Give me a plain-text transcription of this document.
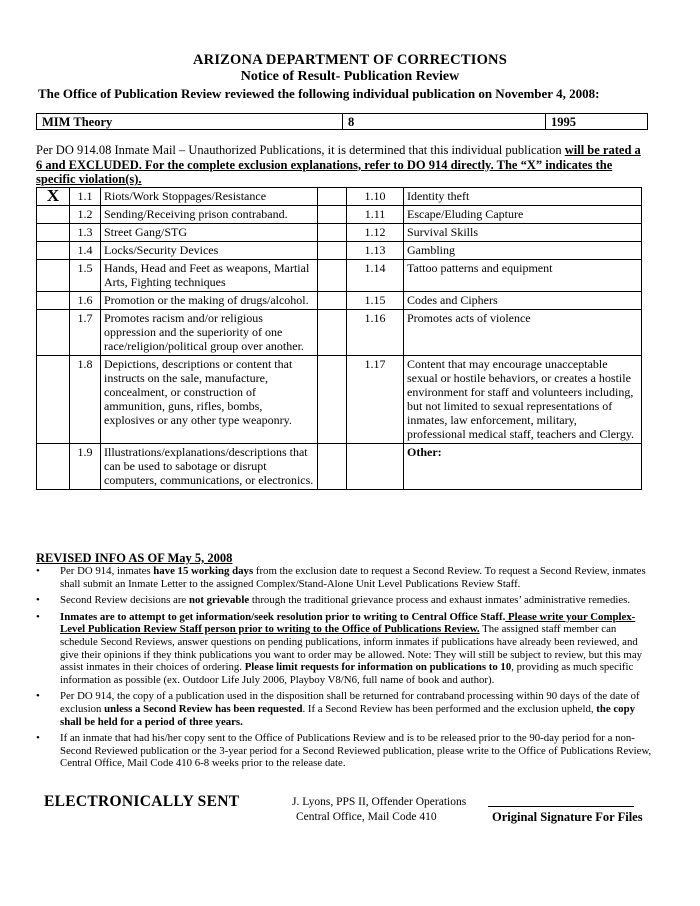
ARIZONA DEPARTMENT OF CORRECTIONS
Notice of Result- Publication Review
The Office of Publication Review reviewed the following individual publication on November 4, 2008:
MIM Theory	8	1995
Per DO 914.08 Inmate Mail – Unauthorized Publications, it is determined that this individual publication will be rated a 6 and EXCLUDED. For the complete exclusion explanations, refer to DO 914 directly. The “X” indicates the specific violation(s).
X	1.1	Riots/Work Stoppages/Resistance		1.10	Identity theft
	1.2	Sending/Receiving prison contraband.		1.11	Escape/Eluding Capture
	1.3	Street Gang/STG		1.12	Survival Skills
	1.4	Locks/Security Devices		1.13	Gambling
	1.5	Hands, Head and Feet as weapons, Martial Arts, Fighting techniques		1.14	Tattoo patterns and equipment
	1.6	Promotion or the making of drugs/alcohol.		1.15	Codes and Ciphers
	1.7	Promotes racism and/or religious oppression and the superiority of one race/religion/political group over another.		1.16	Promotes acts of violence
	1.8	Depictions, descriptions or content that instructs on the sale, manufacture, concealment, or construction of ammunition, guns, rifles, bombs, explosives or any other type weaponry.		1.17	Content that may encourage unacceptable sexual or hostile behaviors, or creates a hostile environment for staff and volunteers including, but not limited to sexual representations of inmates, law enforcement, military, professional medical staff, teachers and Clergy.
	1.9	Illustrations/explanations/descriptions that can be used to sabotage or disrupt computers, communications, or electronics.			Other:
REVISED INFO AS OF May 5, 2008
• Per DO 914, inmates have 15 working days from the exclusion date to request a Second Review. To request a Second Review, inmates shall submit an Inmate Letter to the assigned Complex/Stand-Alone Unit Level Publications Review Staff.
• Second Review decisions are not grievable through the traditional grievance process and exhaust inmates’ administrative remedies.
• Inmates are to attempt to get information/seek resolution prior to writing to Central Office Staff. Please write your Complex-Level Publication Review Staff person prior to writing to the Office of Publications Review. The assigned staff member can schedule Second Reviews, answer questions on pending publications, inform inmates if publications have already been reviewed, and give their opinions if they think publications you want to order may be allowed. Note: They will still be subject to review, but this may assist inmates in their choices of ordering. Please limit requests for information on publications to 10, providing as much specific information as possible (ex. Outdoor Life July 2006, Playboy V8/N6, full name of book and author).
• Per DO 914, the copy of a publication used in the disposition shall be returned for contraband processing within 90 days of the date of exclusion unless a Second Review has been requested. If a Second Review has been performed and the exclusion upheld, the copy shall be held for a period of three years.
• If an inmate that had his/her copy sent to the Office of Publications Review and is to be released prior to the 90-day period for a non-Second Reviewed publication or the 3-year period for a Second Reviewed publication, please write to the Office of Publications Review, Central Office, Mail Code 410 6-8 weeks prior to the release date.
ELECTRONICALLY SENT	J. Lyons, PPS II, Offender Operations
Central Office, Mail Code 410	Original Signature For Files
